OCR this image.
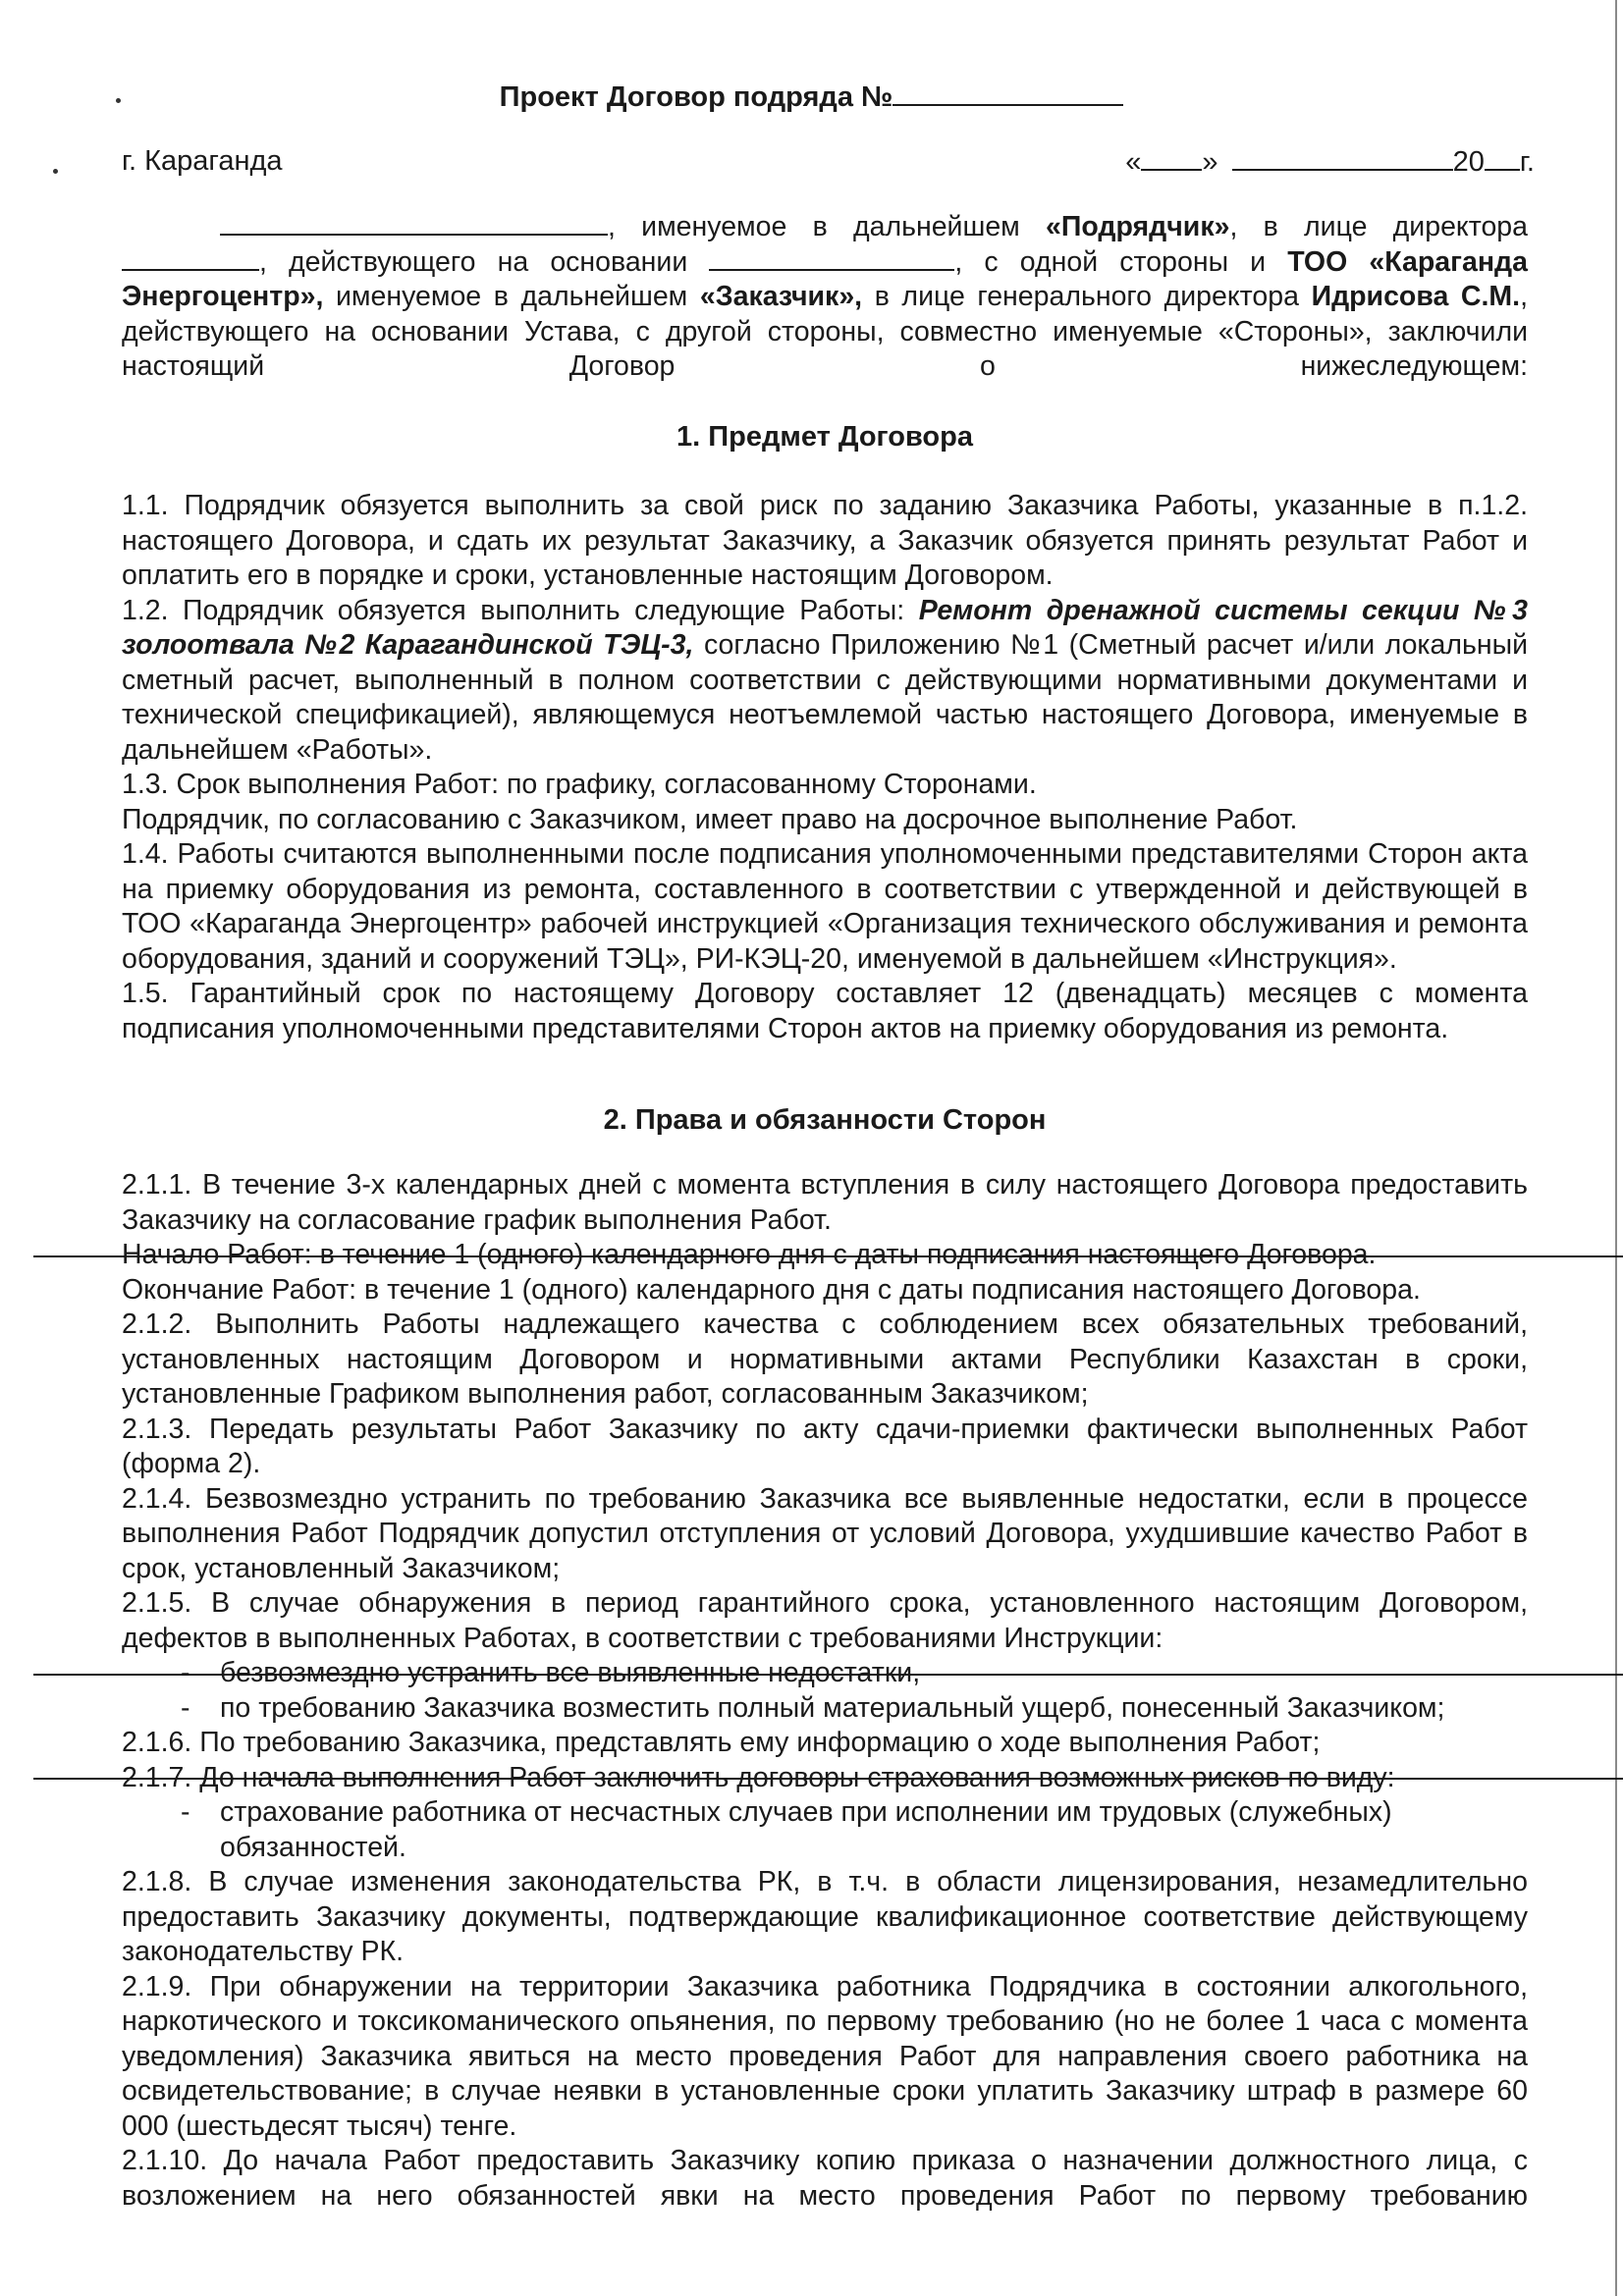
Проект Договор подряда №
г. Караганда	« »	20 г.
, именуемое в дальнейшем «Подрядчик», в лице директора
, действующего на основании	, с одной стороны и ТОО «Караганда Энергоцентр», именуемое в дальнейшем «Заказчик», в лице генерального директора Идрисова С.М., действующего на основании Устава, с другой стороны, совместно именуемые «Стороны», заключили настоящий Договор о нижеследующем:
1. Предмет Договора
1.1. Подрядчик обязуется выполнить за свой риск по заданию Заказчика Работы, указанные в п.1.2. настоящего Договора, и сдать их результат Заказчику, а Заказчик обязуется принять результат Работ и оплатить его в порядке и сроки, установленные настоящим Договором.
1.2. Подрядчик обязуется выполнить следующие Работы: Ремонт дренажной системы секции №3 золоотвала №2 Карагандинской ТЭЦ-3, согласно Приложению №1 (Сметный расчет и/или локальный сметный расчет, выполненный в полном соответствии с действующими нормативными документами и технической спецификацией), являющемуся неотъемлемой частью настоящего Договора, именуемые в дальнейшем «Работы».
1.3. Срок выполнения Работ: по графику, согласованному Сторонами.
Подрядчик, по согласованию с Заказчиком, имеет право на досрочное выполнение Работ.
1.4. Работы считаются выполненными после подписания уполномоченными представителями Сторон акта на приемку оборудования из ремонта, составленного в соответствии с утвержденной и действующей в ТОО «Караганда Энергоцентр» рабочей инструкцией «Организация технического обслуживания и ремонта оборудования, зданий и сооружений ТЭЦ», РИ-КЭЦ-20, именуемой в дальнейшем «Инструкция».
1.5. Гарантийный срок по настоящему Договору составляет 12 (двенадцать) месяцев с момента подписания уполномоченными представителями Сторон актов на приемку оборудования из ремонта.
2. Права и обязанности Сторон
2.1.1. В течение 3-х календарных дней с момента вступления в силу настоящего Договора предоставить Заказчику на согласование график выполнения Работ.
Начало Работ: в течение 1 (одного) календарного дня с даты подписания настоящего Договора.
Окончание Работ: в течение 1 (одного) календарного дня с даты подписания настоящего Договора.
2.1.2. Выполнить Работы надлежащего качества с соблюдением всех обязательных требований, установленных настоящим Договором и нормативными актами Республики Казахстан в сроки, установленные Графиком выполнения работ, согласованным Заказчиком;
2.1.3. Передать результаты Работ Заказчику по акту сдачи-приемки фактически выполненных Работ (форма 2).
2.1.4. Безвозмездно устранить по требованию Заказчика все выявленные недостатки, если в процессе выполнения Работ Подрядчик допустил отступления от условий Договора, ухудшившие качество Работ в срок, установленный Заказчиком;
2.1.5. В случае обнаружения в период гарантийного срока, установленного настоящим Договором, дефектов в выполненных Работах, в соответствии с требованиями Инструкции:
- безвозмездно устранить все выявленные недостатки,
- по требованию Заказчика возместить полный материальный ущерб, понесенный Заказчиком;
2.1.6. По требованию Заказчика, представлять ему информацию о ходе выполнения Работ;
2.1.7. До начала выполнения Работ заключить договоры страхования возможных рисков по виду:
- страхование работника от несчастных случаев при исполнении им трудовых (служебных) обязанностей.
2.1.8. В случае изменения законодательства РК, в т.ч. в области лицензирования, незамедлительно предоставить Заказчику документы, подтверждающие квалификационное соответствие действующему законодательству РК.
2.1.9. При обнаружении на территории Заказчика работника Подрядчика в состоянии алкогольного, наркотического и токсикоманического опьянения, по первому требованию (но не более 1 часа с момента уведомления) Заказчика явиться на место проведения Работ для направления своего работника на освидетельствование; в случае неявки в установленные сроки уплатить Заказчику штраф в размере 60 000 (шестьдесят тысяч) тенге.
2.1.10. До начала Работ предоставить Заказчику копию приказа о назначении должностного лица, с возложением на него обязанностей явки на место проведения Работ по первому требованию
